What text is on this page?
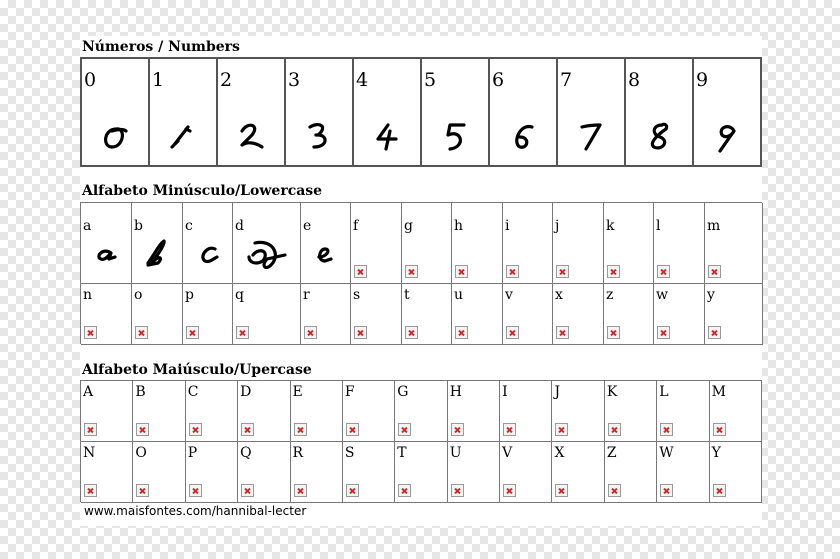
Números / Numbers
0	1	2	3	4	5	6	7	8	9
Alfabeto Minúsculo/Lowercase
a	b	c	d	e	f	g	h	i	j	k	l	m
n	o	p	q	r	s	t	u	v	x	z	w	y
Alfabeto Maiúsculo/Upercase
A	B	C	D	E	F	G	H	I	J	K	L	M
N	O	P	Q	R	S	T	U	V	X	Z	W	Y
www.maisfontes.com/hannibal-lecter
